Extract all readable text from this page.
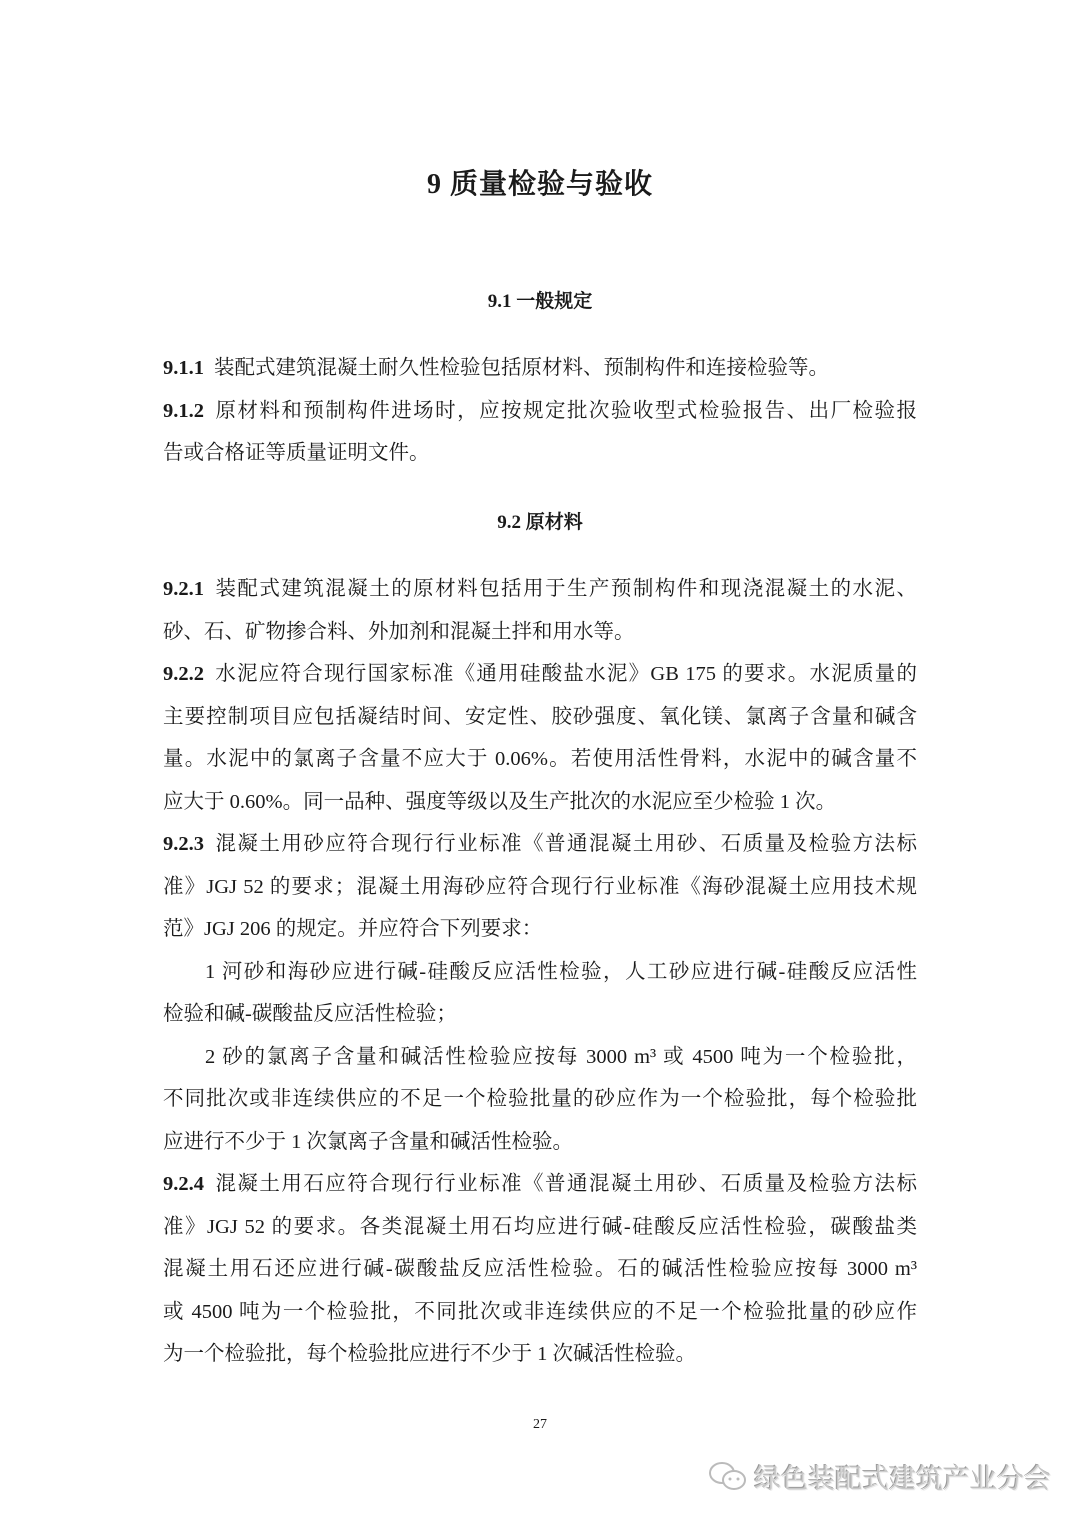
9 质量检验与验收
9.1 一般规定
9.1.1 装配式建筑混凝土耐久性检验包括原材料、预制构件和连接检验等。
9.1.2 原材料和预制构件进场时，应按规定批次验收型式检验报告、出厂检验报
告或合格证等质量证明文件。
9.2 原材料
9.2.1 装配式建筑混凝土的原材料包括用于生产预制构件和现浇混凝土的水泥、
砂、石、矿物掺合料、外加剂和混凝土拌和用水等。
9.2.2 水泥应符合现行国家标准《通用硅酸盐水泥》GB 175 的要求。水泥质量的
主要控制项目应包括凝结时间、安定性、胶砂强度、氧化镁、氯离子含量和碱含
量。水泥中的氯离子含量不应大于 0.06%。若使用活性骨料，水泥中的碱含量不
应大于 0.60%。同一品种、强度等级以及生产批次的水泥应至少检验 1 次。
9.2.3 混凝土用砂应符合现行行业标准《普通混凝土用砂、石质量及检验方法标
准》JGJ 52 的要求；混凝土用海砂应符合现行行业标准《海砂混凝土应用技术规
范》JGJ 206 的规定。并应符合下列要求：
1 河砂和海砂应进行碱-硅酸反应活性检验，人工砂应进行碱-硅酸反应活性
检验和碱-碳酸盐反应活性检验；
2 砂的氯离子含量和碱活性检验应按每 3000 m³ 或 4500 吨为一个检验批，
不同批次或非连续供应的不足一个检验批量的砂应作为一个检验批，每个检验批
应进行不少于 1 次氯离子含量和碱活性检验。
9.2.4 混凝土用石应符合现行行业标准《普通混凝土用砂、石质量及检验方法标
准》JGJ 52 的要求。各类混凝土用石均应进行碱-硅酸反应活性检验，碳酸盐类
混凝土用石还应进行碱-碳酸盐反应活性检验。石的碱活性检验应按每 3000 m³
或 4500 吨为一个检验批，不同批次或非连续供应的不足一个检验批量的砂应作
为一个检验批，每个检验批应进行不少于 1 次碱活性检验。
27
绿色装配式建筑产业分会
